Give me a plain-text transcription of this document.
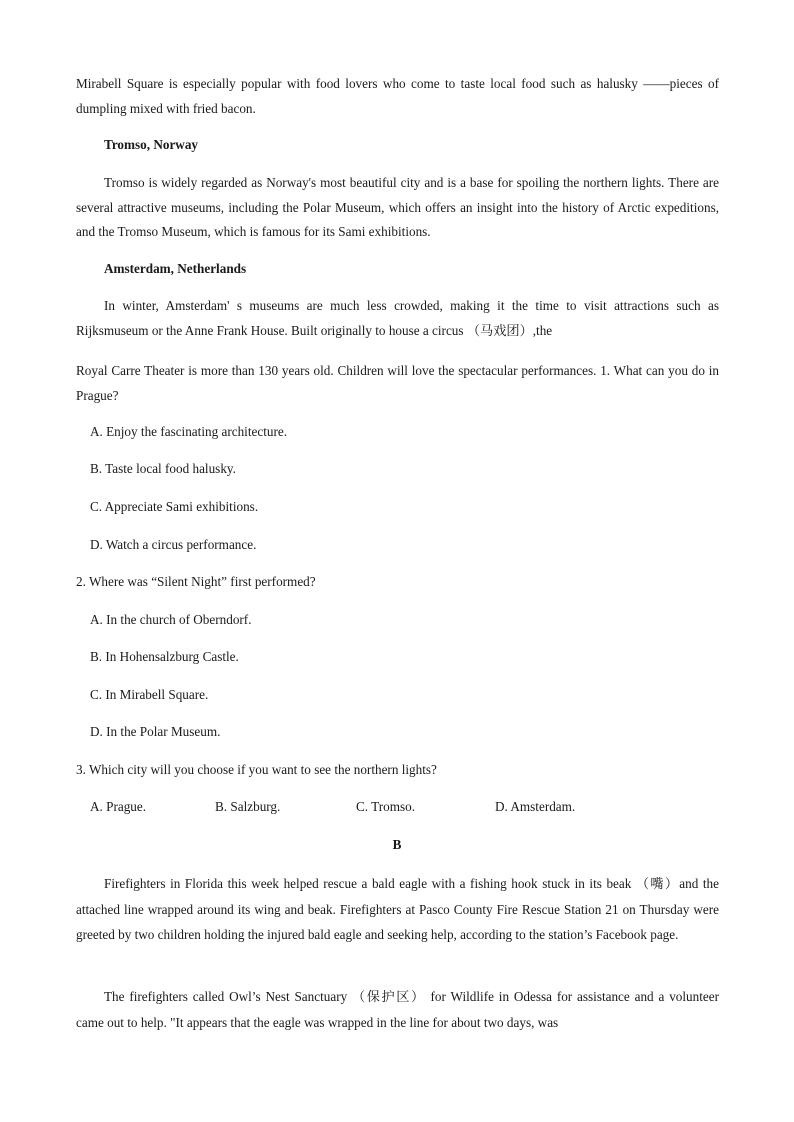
Mirabell Square is especially popular with food lovers who come to taste local food such as halusky ——pieces of dumpling mixed with fried bacon.

Tromso, Norway

Tromso is widely regarded as Norway's most beautiful city and is a base for spoiling the northern lights. There are several attractive museums, including the Polar Museum, which offers an insight into the history of Arctic expeditions, and the Tromso Museum, which is famous for its Sami exhibitions.

Amsterdam, Netherlands

In winter, Amsterdam' s museums are much less crowded, making it the time to visit attractions such as Rijksmuseum or the Anne Frank House. Built originally to house a circus （马戏团）,the

Royal Carre Theater is more than 130 years old. Children will love the spectacular performances. 1. What can you do in Prague?

A. Enjoy the fascinating architecture.

B. Taste local food halusky.

C. Appreciate Sami exhibitions.

D. Watch a circus performance.

2. Where was “Silent Night” first performed?

A. In the church of Oberndorf.

B. In Hohensalzburg Castle.

C. In Mirabell Square.

D. In the Polar Museum.

3. Which city will you choose if you want to see the northern lights?

A. Prague.	B. Salzburg.	C. Tromso.	D. Amsterdam.

B

Firefighters in Florida this week helped rescue a bald eagle with a fishing hook stuck in its beak （嘴）and the attached line wrapped around its wing and beak. Firefighters at Pasco County Fire Rescue Station 21 on Thursday were greeted by two children holding the injured bald eagle and seeking help, according to the station’s Facebook page.

The firefighters called Owl’s Nest Sanctuary （保护区） for Wildlife in Odessa for assistance and a volunteer came out to help. "It appears that the eagle was wrapped in the line for about two days, was
